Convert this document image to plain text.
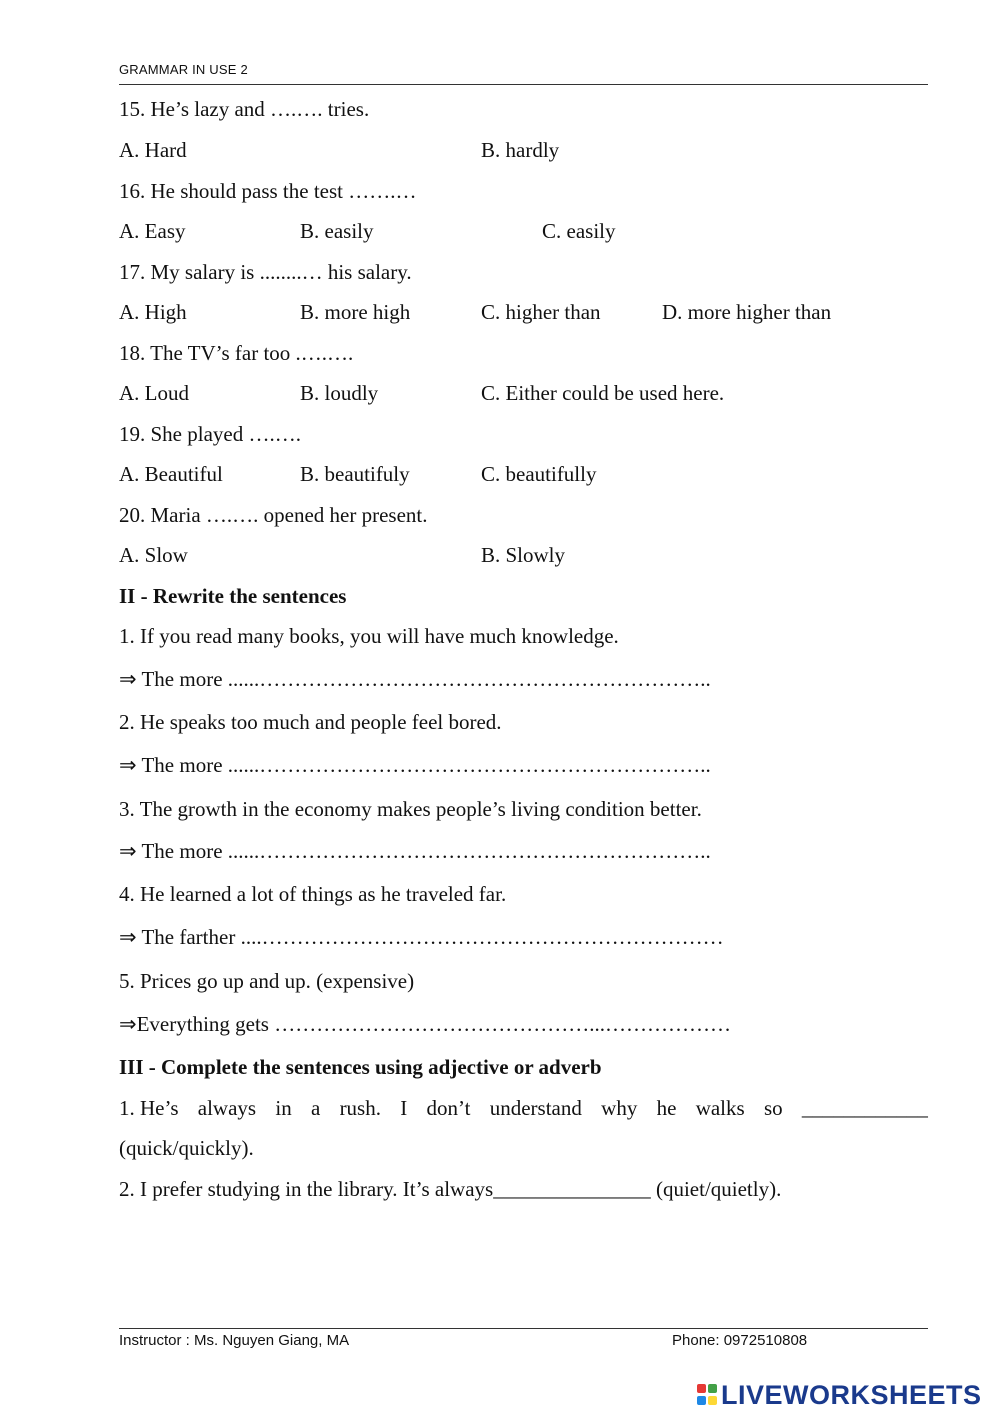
GRAMMAR IN USE 2
15. He’s lazy and ….…. tries.
A. Hard	B. hardly
16. He should pass the test …….…
A. Easy	B. easily	C. easily
17. My salary is ........… his salary.
A. High	B. more high	C. higher than	D. more higher than
18. The TV’s far too .….….
A. Loud	B. loudly	C. Either could be used here.
19. She played ….….
A. Beautiful	B. beautifuly	C. beautifully
20. Maria ….…. opened her present.
A. Slow	B. Slowly
II - Rewrite the sentences
1. If you read many books, you will have much knowledge.
⇒ The more ......………………………………………………………..
2. He speaks too much and people feel bored.
⇒ The more ......………………………………………………………..
3. The growth in the economy makes people’s living condition better.
⇒ The more ......………………………………………………………..
4. He learned a lot of things as he traveled far.
⇒ The farther ....…………………………………………………………
5. Prices go up and up. (expensive)
⇒Everything gets ………………………………………...………………
III - Complete the sentences using adjective or adverb
1. He’s always in a rush. I don’t understand why he walks so ____________
(quick/quickly).
2. I prefer studying in the library. It’s always_______________ (quiet/quietly).
Instructor : Ms. Nguyen Giang, MA	Phone: 0972510808
LIVEWORKSHEETS
